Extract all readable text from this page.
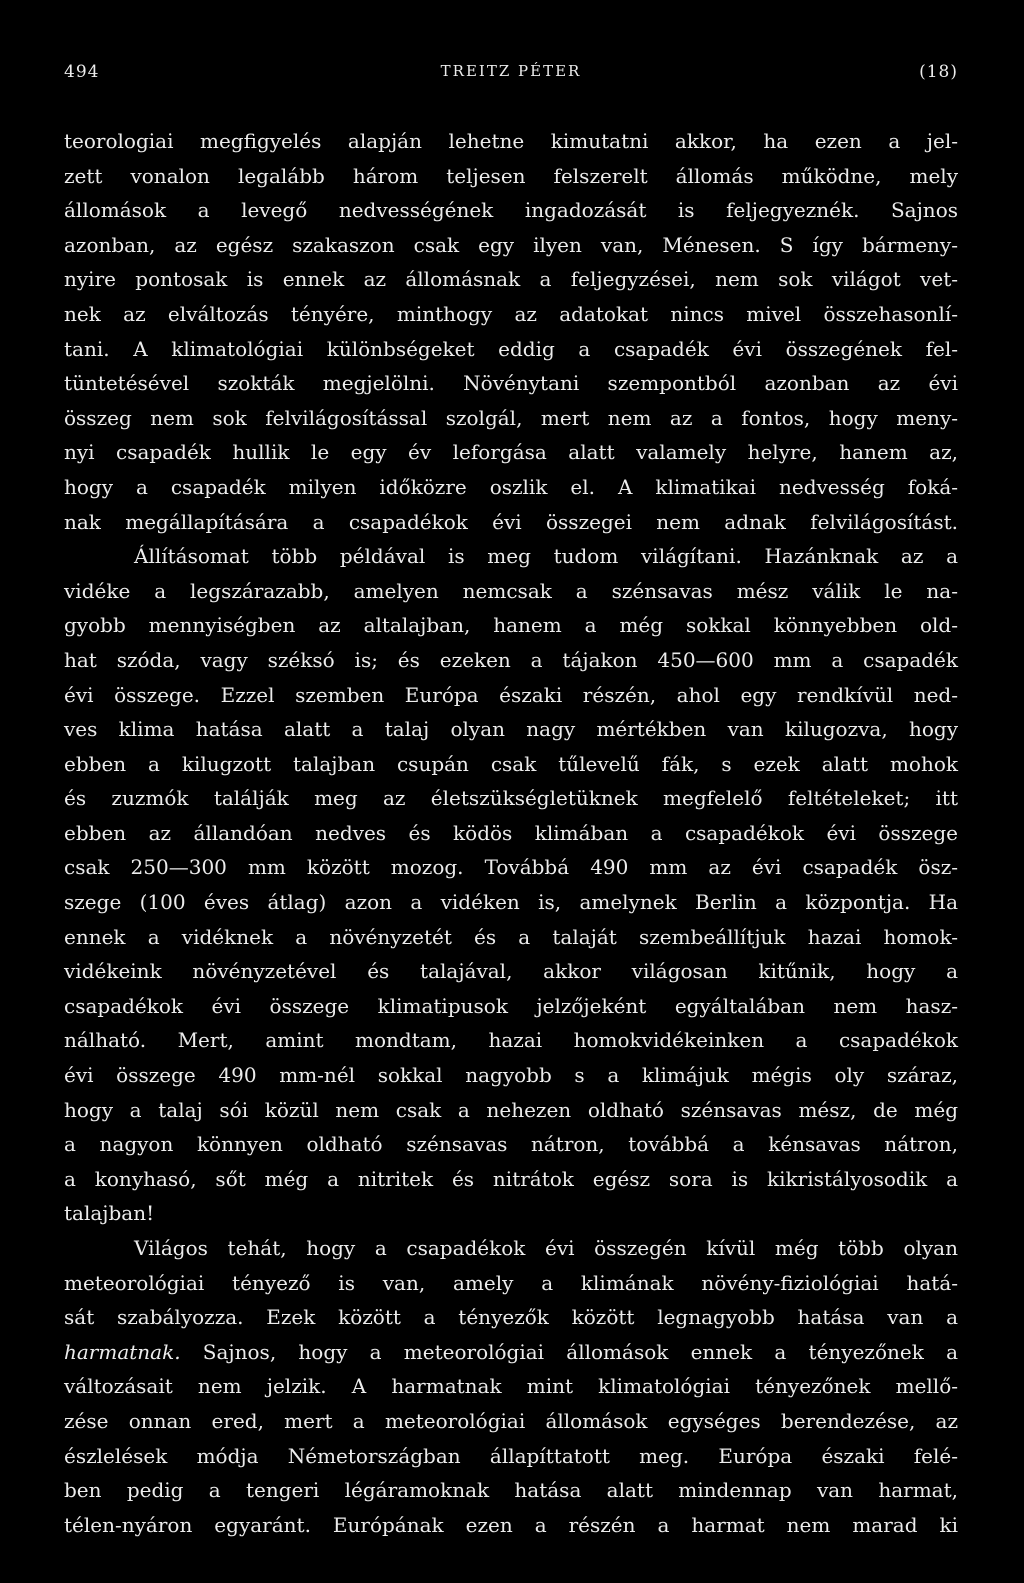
494	TREITZ PÉTER	(18)

teorologiai megfigyelés alapján lehetne kimutatni akkor, ha ezen a jel-
zett vonalon legalább három teljesen felszerelt állomás működne, mely
állomások a levegő nedvességének ingadozását is feljegyeznék. Sajnos
azonban, az egész szakaszon csak egy ilyen van, Ménesen. S így bármeny-
nyire pontosak is ennek az állomásnak a feljegyzései, nem sok világot vet-
nek az elváltozás tényére, minthogy az adatokat nincs mivel összehasonlí-
tani. A klimatológiai különbségeket eddig a csapadék évi összegének fel-
tüntetésével szokták megjelölni. Növénytani szempontból azonban az évi
összeg nem sok felvilágosítással szolgál, mert nem az a fontos, hogy meny-
nyi csapadék hullik le egy év leforgása alatt valamely helyre, hanem az,
hogy a csapadék milyen időközre oszlik el. A klimatikai nedvesség foká-
nak megállapítására a csapadékok évi összegei nem adnak felvilágosítást.

Állításomat több példával is meg tudom világítani. Hazánknak az a
vidéke a legszárazabb, amelyen nemcsak a szénsavas mész válik le na-
gyobb mennyiségben az altalajban, hanem a még sokkal könnyebben old-
hat szóda, vagy széksó is; és ezeken a tájakon 450—600 mm a csapadék
évi összege. Ezzel szemben Európa északi részén, ahol egy rendkívül ned-
ves klima hatása alatt a talaj olyan nagy mértékben van kilugozva, hogy
ebben a kilugzott talajban csupán csak tűlevelű fák, s ezek alatt mohok
és zuzmók találják meg az életszükségletüknek megfelelő feltételeket; itt
ebben az állandóan nedves és ködös klimában a csapadékok évi összege
csak 250—300 mm között mozog. Továbbá 490 mm az évi csapadék ösz-
szege (100 éves átlag) azon a vidéken is, amelynek Berlin a központja. Ha
ennek a vidéknek a növényzetét és a talaját szembeállítjuk hazai homok-
vidékeink növényzetével és talajával, akkor világosan kitűnik, hogy a
csapadékok évi összege klimatipusok jelzőjeként egyáltalában nem hasz-
nálható. Mert, amint mondtam, hazai homokvidékeinken a csapadékok
évi összege 490 mm-nél sokkal nagyobb s a klimájuk mégis oly száraz,
hogy a talaj sói közül nem csak a nehezen oldható szénsavas mész, de még
a nagyon könnyen oldható szénsavas nátron, továbbá a kénsavas nátron,
a konyhasó, sőt még a nitritek és nitrátok egész sora is kikristályosodik a
talajban!

Világos tehát, hogy a csapadékok évi összegén kívül még több olyan
meteorológiai tényező is van, amely a klimának növény-fiziológiai hatá-
sát szabályozza. Ezek között a tényezők között legnagyobb hatása van a
harmatnak. Sajnos, hogy a meteorológiai állomások ennek a tényezőnek a
változásait nem jelzik. A harmatnak mint klimatológiai tényezőnek mellő-
zése onnan ered, mert a meteorológiai állomások egységes berendezése, az
észlelések módja Németországban állapíttatott meg. Európa északi felé-
ben pedig a tengeri légáramoknak hatása alatt mindennap van harmat,
télen-nyáron egyaránt. Európának ezen a részén a harmat nem marad ki
